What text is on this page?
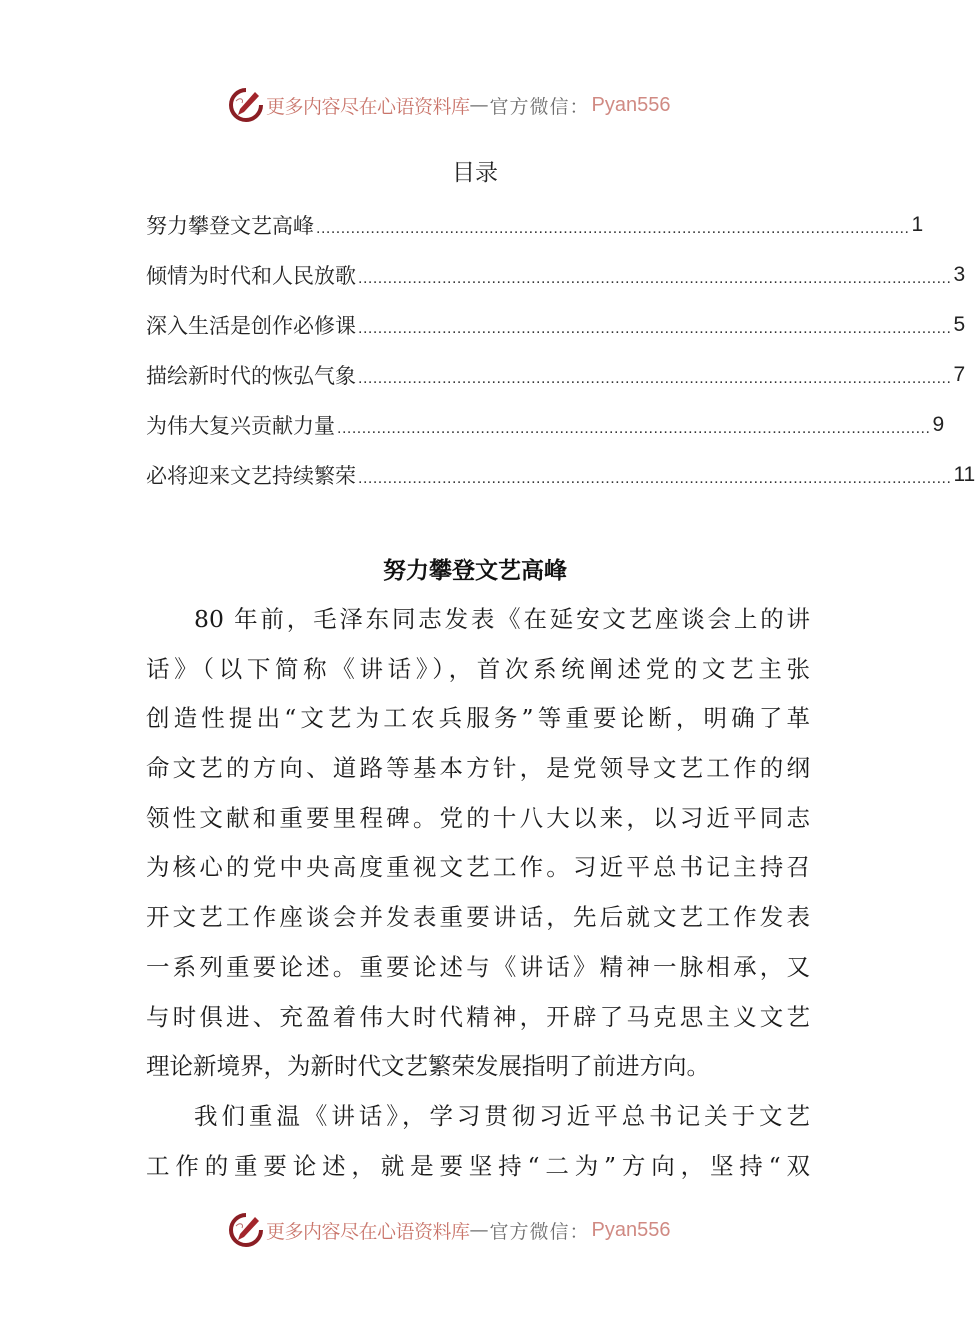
更多内容尽在心语资料库 — 官方微信： Pyan556
目录
努力攀登文艺高峰 ........................................................................................................................ 1
倾情为时代和人民放歌 ........................................................................................................................ 3
深入生活是创作必修课 ........................................................................................................................ 5
描绘新时代的恢弘气象 ........................................................................................................................ 7
为伟大复兴贡献力量 ........................................................................................................................ 9
必将迎来文艺持续繁荣 ........................................................................................................................ 11
努力攀登文艺高峰
80 年前，毛泽东同志发表《在延安文艺座谈会上的讲
话》（以下简称《讲话》），首次系统阐述党的文艺主张
创造性提出“文艺为工农兵服务”等重要论断，明确了革
命文艺的方向、道路等基本方针，是党领导文艺工作的纲
领性文献和重要里程碑。党的十八大以来，以习近平同志
为核心的党中央高度重视文艺工作。习近平总书记主持召
开文艺工作座谈会并发表重要讲话，先后就文艺工作发表
一系列重要论述。重要论述与《讲话》精神一脉相承，又
与时俱进、充盈着伟大时代精神，开辟了马克思主义文艺
理论新境界，为新时代文艺繁荣发展指明了前进方向。
我们重温《讲话》，学习贯彻习近平总书记关于文艺
工作的重要论述，就是要坚持“二为”方向，坚持“双
更多内容尽在心语资料库 — 官方微信： Pyan556
